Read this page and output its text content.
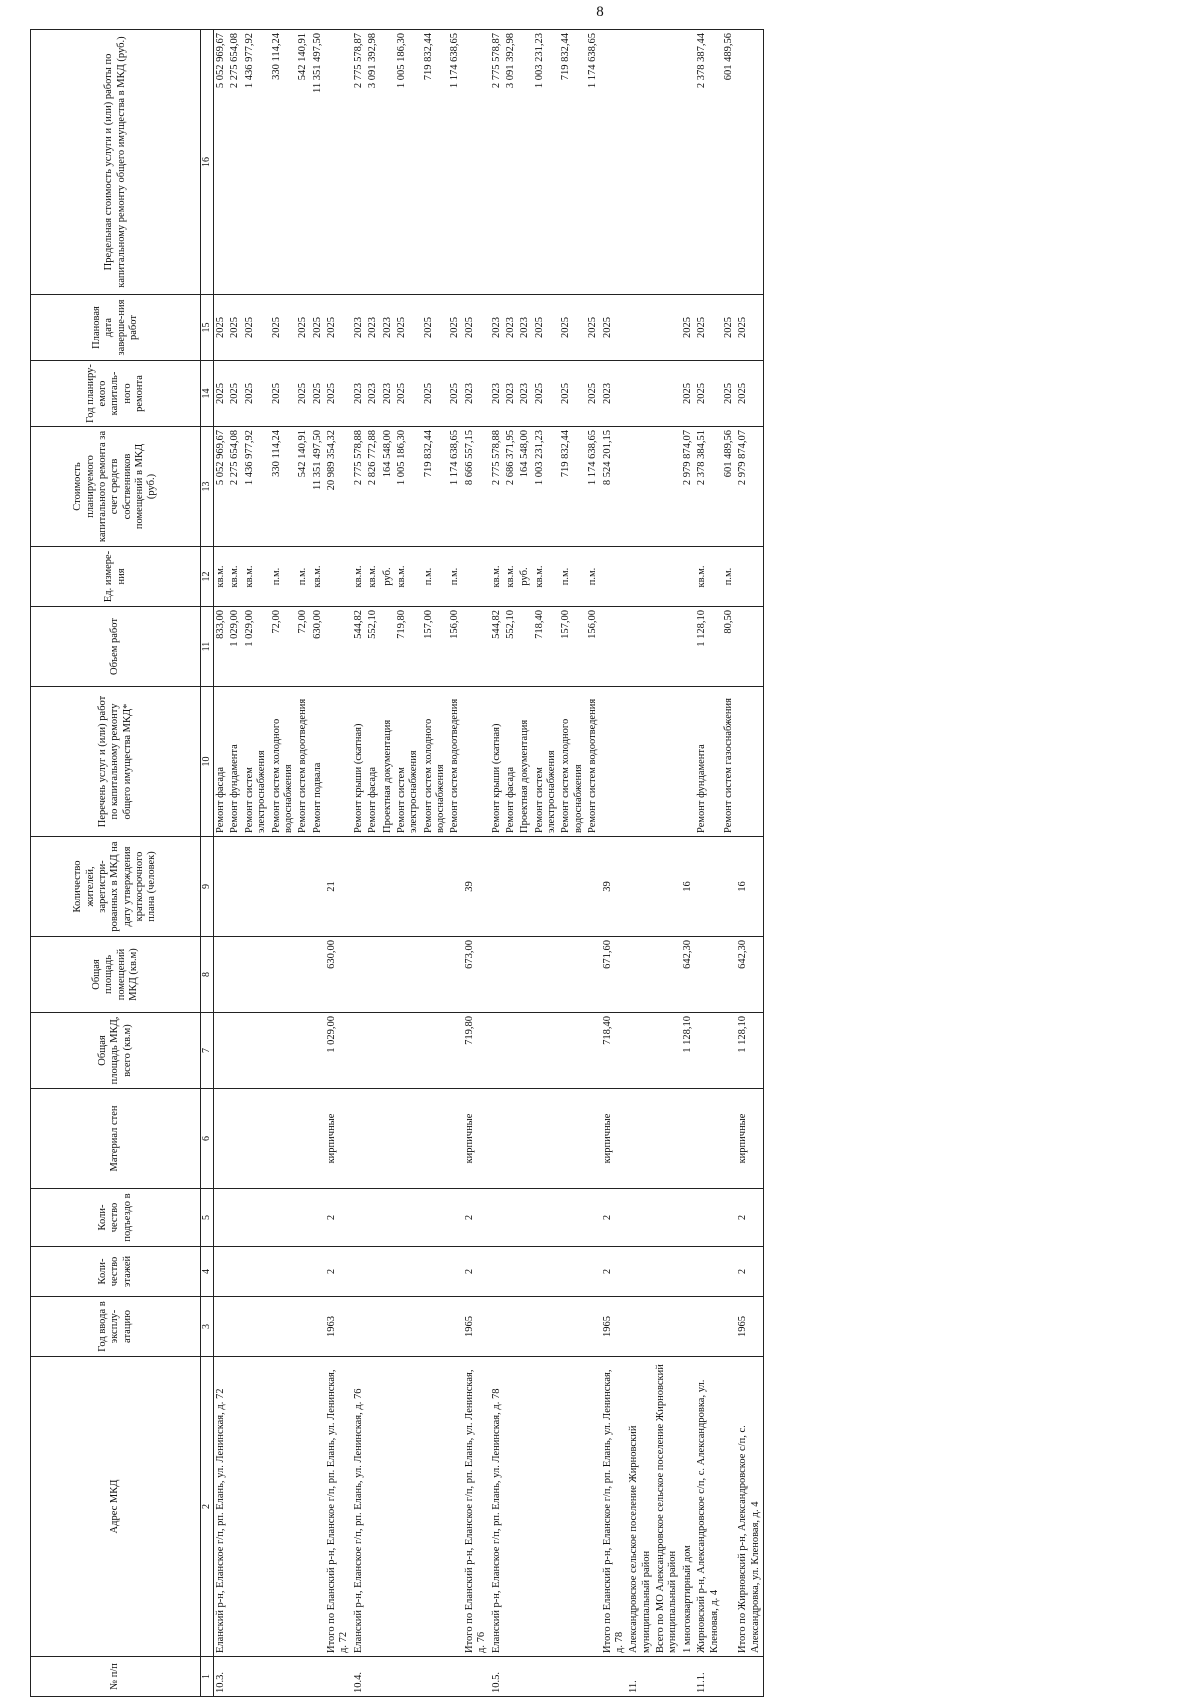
8
№ п/п	Адрес МКД	Год ввода в эксплу-атацию	Коли-чество этажей	Коли-чество подъездо в	Материал стен	Общая площадь МКД, всего (кв.м)	Общая площадь помещений МКД (кв.м)	Количество жителей, зарегистри-рованных в МКД на дату утверждения краткосрочного плана (человек)	Перечень услуг и (или) работ по капитальному ремонту общего имущества МКД*	Объем работ	Ед. измере-ния	Стоимость планируемого капитального ремонта за счет средств собственников помещений в МКД (руб.)	Год планиру-емого капиталь-ного ремонта	Плановая дата заверше-ния работ	Предельная стоимость услуги и (или) работы по капитальному ремонту общего имущества в МКД (руб.)
1	2	3	4	5	6	7	8	9	10	11	12	13	14	15	16
10.3.	Еланский р-н, Еланское г/п, рп. Елань, ул. Ленинская, д. 72								Ремонт фасада	833,00	кв.м.	5 052 969,67	2025	2025	5 052 969,67
									Ремонт фундамента	1 029,00	кв.м.	2 275 654,08	2025	2025	2 275 654,08
									Ремонт систем электроснабжения	1 029,00	кв.м.	1 436 977,92	2025	2025	1 436 977,92
									Ремонт систем холодного водоснабжения	72,00	п.м.	330 114,24	2025	2025	330 114,24
									Ремонт систем водоотведения	72,00	п.м.	542 140,91	2025	2025	542 140,91
									Ремонт подвала	630,00	кв.м.	11 351 497,50	2025	2025	11 351 497,50
	Итого по Еланский р-н, Еланское г/п, рп. Елань, ул. Ленинская, д. 72	1963	2	2	кирпичные	1 029,00	630,00	21				20 989 354,32	2025	2025	
10.4.	Еланский р-н, Еланское г/п, рп. Елань, ул. Ленинская, д. 76								Ремонт крыши (скатная)	544,82	кв.м.	2 775 578,88	2023	2023	2 775 578,87
									Ремонт фасада	552,10	кв.м.	2 826 772,88	2023	2023	3 091 392,98
									Проектная документация		руб.	164 548,00	2023	2023	
									Ремонт систем электроснабжения	719,80	кв.м.	1 005 186,30	2025	2025	1 005 186,30
									Ремонт систем холодного водоснабжения	157,00	п.м.	719 832,44	2025	2025	719 832,44
									Ремонт систем водоотведения	156,00	п.м.	1 174 638,65	2025	2025	1 174 638,65
	Итого по Еланский р-н, Еланское г/п, рп. Елань, ул. Ленинская, д. 76	1965	2	2	кирпичные	719,80	673,00	39				8 666 557,15	2023	2025	
10.5.	Еланский р-н, Еланское г/п, рп. Елань, ул. Ленинская, д. 78								Ремонт крыши (скатная)	544,82	кв.м.	2 775 578,88	2023	2023	2 775 578,87
									Ремонт фасада	552,10	кв.м.	2 686 371,95	2023	2023	3 091 392,98
									Проектная документация		руб.	164 548,00	2023	2023	
									Ремонт систем электроснабжения	718,40	кв.м.	1 003 231,23	2025	2025	1 003 231,23
									Ремонт систем холодного водоснабжения	157,00	п.м.	719 832,44	2025	2025	719 832,44
									Ремонт систем водоотведения	156,00	п.м.	1 174 638,65	2025	2025	1 174 638,65
	Итого по Еланский р-н, Еланское г/п, рп. Елань, ул. Ленинская, д. 78	1965	2	2	кирпичные	718,40	671,60	39				8 524 201,15	2023	2025	
11.	Александровское сельское поселение Жирновский муниципальный район														
	Всего по МО Александровское сельское поселение Жирновский муниципальный район														
	1 многоквартирный дом					1 128,10	642,30	16				2 979 874,07	2025	2025	
11.1.	Жирновский р-н, Александровское с/п, с. Александровка, ул. Кленовая, д. 4								Ремонт фундамента	1 128,10	кв.м.	2 378 384,51	2025	2025	2 378 387,44
									Ремонт систем газоснабжения	80,50	п.м.	601 489,56	2025	2025	601 489,56
	Итого по Жирновский р-н, Александровское с/п, с. Александровка, ул. Кленовая, д. 4	1965	2	2	кирпичные	1 128,10	642,30	16				2 979 874,07	2025	2025	
